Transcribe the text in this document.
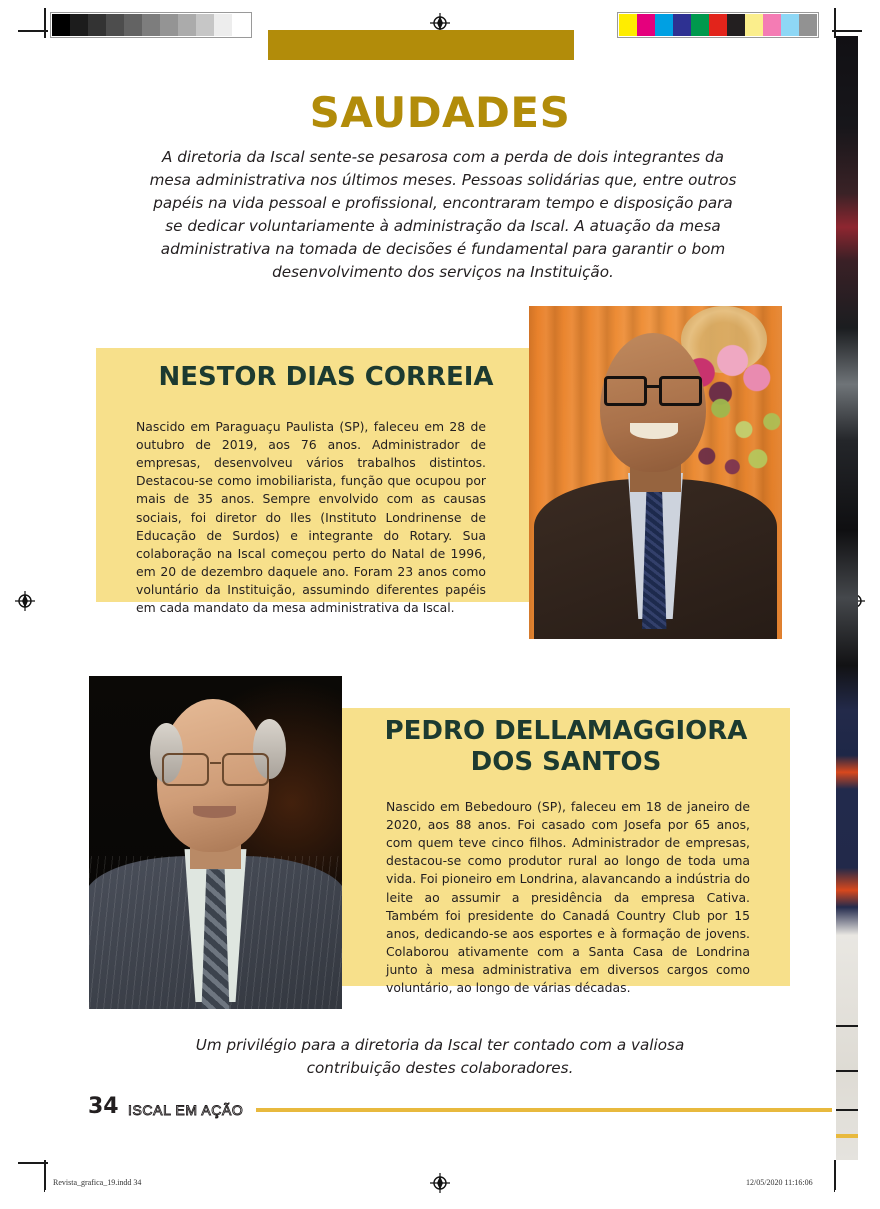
SAUDADES

A diretoria da Iscal sente-se pesarosa com a perda de dois integrantes da mesa administrativa nos últimos meses. Pessoas solidárias que, entre outros papéis na vida pessoal e profissional, encontraram tempo e disposição para se dedicar voluntariamente à administração da Iscal. A atuação da mesa administrativa na tomada de decisões é fundamental para garantir o bom desenvolvimento dos serviços na Instituição.

NESTOR DIAS CORREIA

Nascido em Paraguaçu Paulista (SP), faleceu em 28 de outubro de 2019, aos 76 anos. Administrador de empresas, desenvolveu vários trabalhos distintos. Destacou-se como imobiliarista, função que ocupou por mais de 35 anos. Sempre envolvido com as causas sociais, foi diretor do Iles (Instituto Londrinense de Educação de Surdos) e integrante do Rotary. Sua colaboração na Iscal começou perto do Natal de 1996, em 20 de dezembro daquele ano. Foram 23 anos como voluntário da Instituição, assumindo diferentes papéis em cada mandato da mesa administrativa da Iscal.

PEDRO DELLAMAGGIORA
DOS SANTOS

Nascido em Bebedouro (SP), faleceu em 18 de janeiro de 2020, aos 88 anos. Foi casado com Josefa por 65 anos, com quem teve cinco filhos. Administrador de empresas, destacou-se como produtor rural ao longo de toda uma vida. Foi pioneiro em Londrina, alavancando a indústria do leite ao assumir a presidência da empresa Cativa. Também foi presidente do Canadá Country Club por 15 anos, dedicando-se aos esportes e à formação de jovens. Colaborou ativamente com a Santa Casa de Londrina junto à mesa administrativa em diversos cargos como voluntário, ao longo de várias décadas.

Um privilégio para a diretoria da Iscal ter contado com a valiosa contribuição destes colaboradores.

34 ISCAL EM AÇÃO
Revista_grafica_19.indd 34	12/05/2020 11:16:06
